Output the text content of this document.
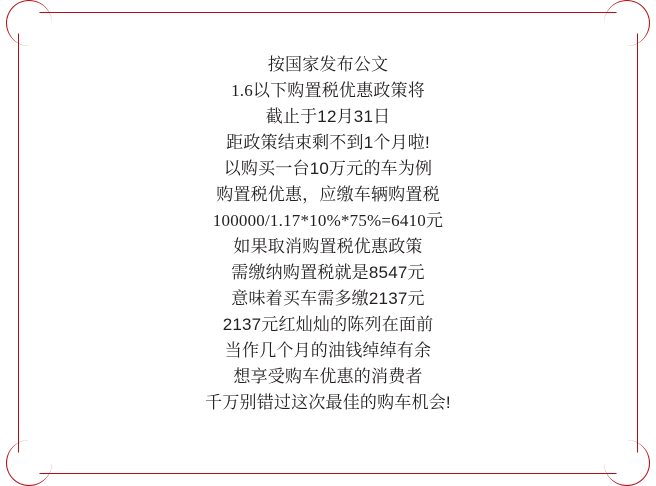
按国家发布公文
1.6以下购置税优惠政策将
截止于12月31日
距政策结束剩不到1个月啦!
以购买一台10万元的车为例
购置税优惠，应缴车辆购置税
100000/1.17*10%*75%=6410元
如果取消购置税优惠政策
需缴纳购置税就是8547元
意味着买车需多缴2137元
2137元红灿灿的陈列在面前
当作几个月的油钱绰绰有余
想享受购车优惠的消费者
千万别错过这次最佳的购车机会!
